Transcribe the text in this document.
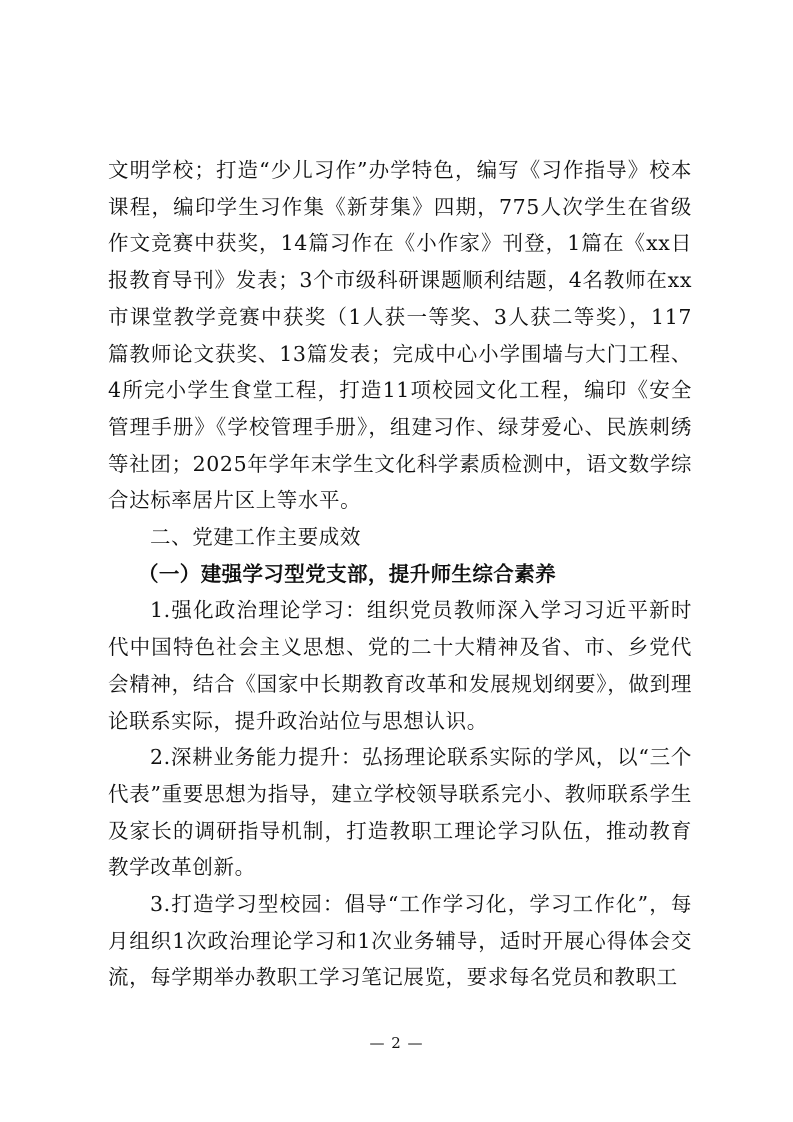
文明学校；打造“少儿习作”办学特色，编写《习作指导》校本课程，编印学生习作集《新芽集》四期，775人次学生在省级作文竞赛中获奖，14篇习作在《小作家》刊登，1篇在《xx日报教育导刊》发表；3个市级科研课题顺利结题，4名教师在xx市课堂教学竞赛中获奖（1人获一等奖、3人获二等奖），117篇教师论文获奖、13篇发表；完成中心小学围墙与大门工程、4所完小学生食堂工程，打造11项校园文化工程，编印《安全管理手册》《学校管理手册》，组建习作、绿芽爱心、民族刺绣等社团；2025年学年末学生文化科学素质检测中，语文数学综合达标率居片区上等水平。

二、党建工作主要成效

（一）建强学习型党支部，提升师生综合素养

1.强化政治理论学习：组织党员教师深入学习习近平新时代中国特色社会主义思想、党的二十大精神及省、市、乡党代会精神，结合《国家中长期教育改革和发展规划纲要》，做到理论联系实际，提升政治站位与思想认识。

2.深耕业务能力提升：弘扬理论联系实际的学风，以“三个代表”重要思想为指导，建立学校领导联系完小、教师联系学生及家长的调研指导机制，打造教职工理论学习队伍，推动教育教学改革创新。

3.打造学习型校园：倡导“工作学习化，学习工作化”，每月组织1次政治理论学习和1次业务辅导，适时开展心得体会交流，每学期举办教职工学习笔记展览，要求每名党员和教职工

— 2 —
